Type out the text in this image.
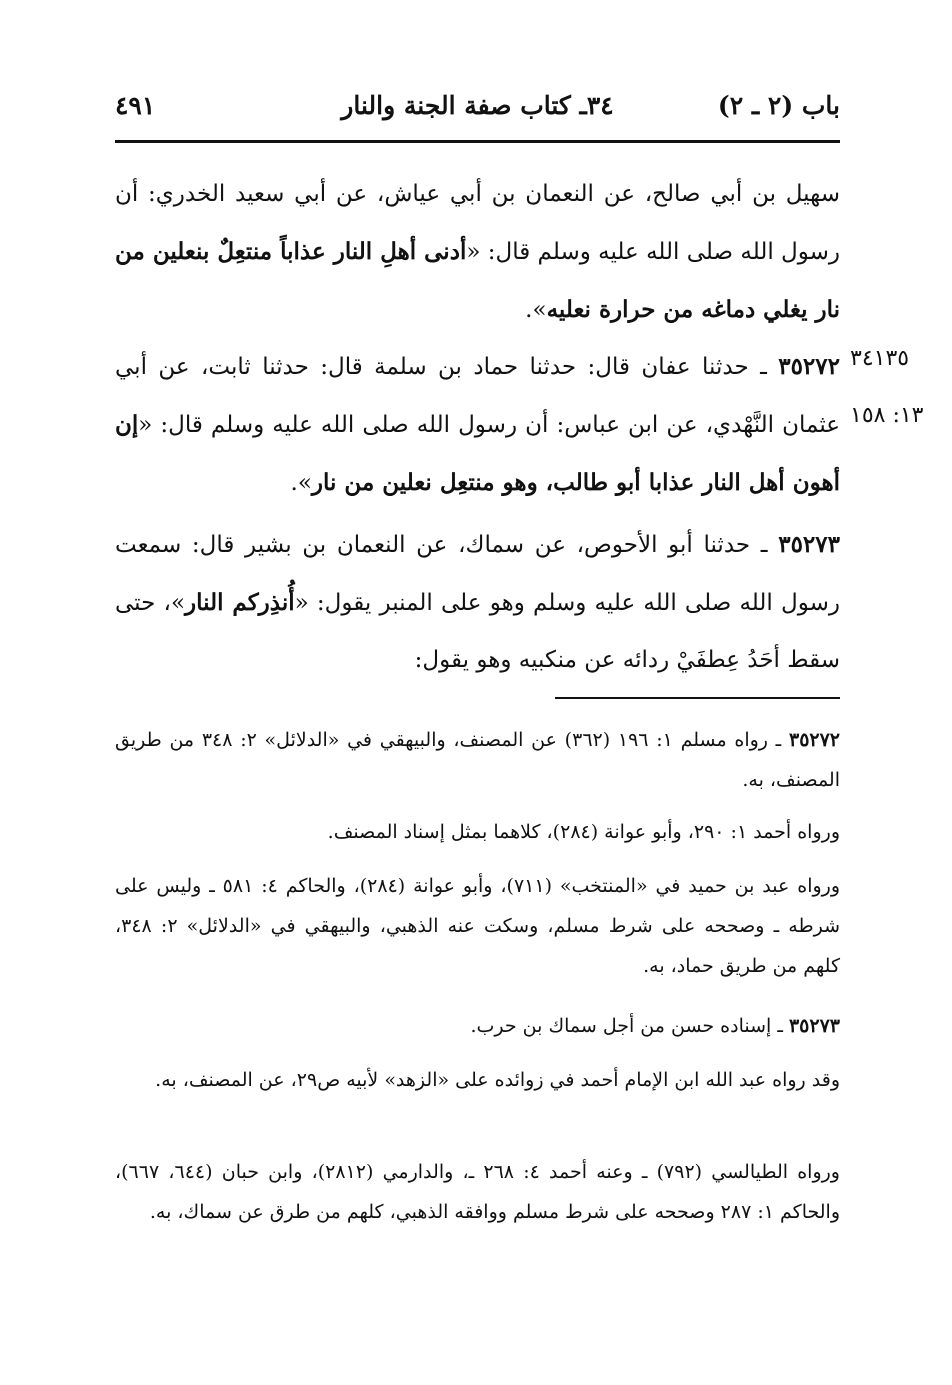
باب (٢ ـ ٢)
٣٤ـ كتاب صفة الجنة والنار
٤٩١
سهيل بن أبي صالح، عن النعمان بن أبي عياش، عن أبي سعيد الخدري: أن رسول الله صلى الله عليه وسلم قال: «أدنى أهلِ النار عذاباً منتعِلٌ بنعلين من نار يغلي دماغه من حرارة نعليه».
٣٤١٣٥
١٣: ١٥٨
٣٥٢٧٢ ـ حدثنا عفان قال: حدثنا حماد بن سلمة قال: حدثنا ثابت، عن أبي عثمان النَّهْدي، عن ابن عباس: أن رسول الله صلى الله عليه وسلم قال: «إن أهون أهل النار عذابا أبو طالب، وهو منتعِل نعلين من نار».
٣٥٢٧٣ ـ حدثنا أبو الأحوص، عن سماك، عن النعمان بن بشير قال: سمعت رسول الله صلى الله عليه وسلم وهو على المنبر يقول: «أُنذِركم النار»، حتى سقط أحَدُ عِطفَيْ ردائه عن منكبيه وهو يقول:
٣٥٢٧٢ ـ رواه مسلم ١: ١٩٦ (٣٦٢) عن المصنف، والبيهقي في «الدلائل» ٢: ٣٤٨ من طريق المصنف، به.
ورواه أحمد ١: ٢٩٠، وأبو عوانة (٢٨٤)، كلاهما بمثل إسناد المصنف.
ورواه عبد بن حميد في «المنتخب» (٧١١)، وأبو عوانة (٢٨٤)، والحاكم ٤: ٥٨١ ـ وليس على شرطه ـ وصححه على شرط مسلم، وسكت عنه الذهبي، والبيهقي في «الدلائل» ٢: ٣٤٨، كلهم من طريق حماد، به.
٣٥٢٧٣ ـ إسناده حسن من أجل سماك بن حرب.
وقد رواه عبد الله ابن الإمام أحمد في زوائده على «الزهد» لأبيه ص٢٩، عن المصنف، به.
ورواه الطيالسي (٧٩٢) ـ وعنه أحمد ٤: ٢٦٨ ـ، والدارمي (٢٨١٢)، وابن حبان (٦٤٤، ٦٦٧)، والحاكم ١: ٢٨٧ وصححه على شرط مسلم ووافقه الذهبي، كلهم من طرق عن سماك، به.
